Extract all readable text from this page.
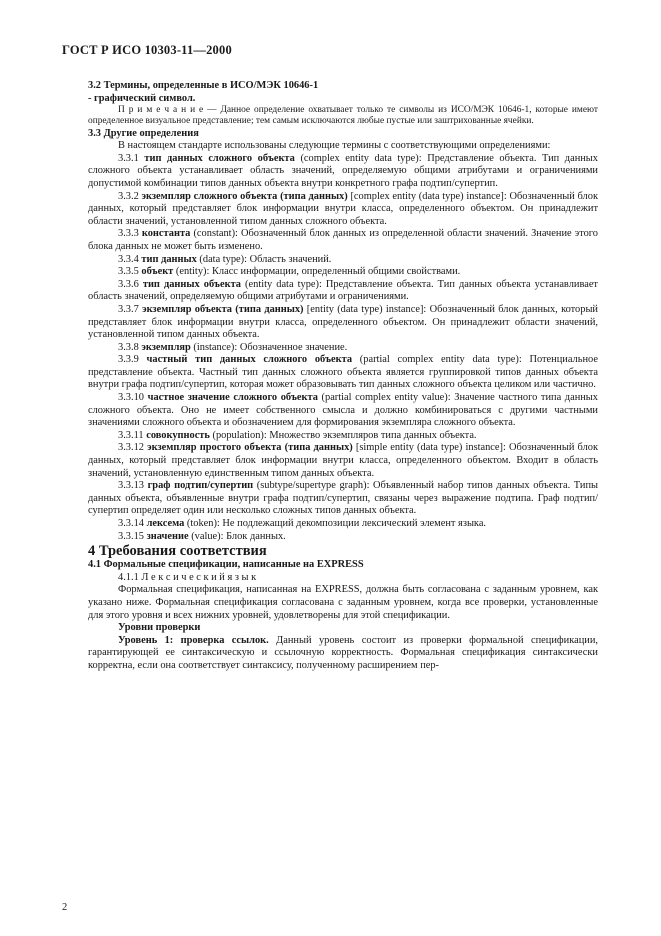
ГОСТ Р ИСО 10303-11—2000

3.2 Термины, определенные в ИСО/МЭК 10646-1

- графический символ.

П р и м е ч а н и е — Данное определение охватывает только те символы из ИСО/МЭК 10646-1, которые имеют определенное визуальное представление; тем самым исключаются любые пустые или заштрихованные ячейки.

3.3 Другие определения

В настоящем стандарте использованы следующие термины с соответствующими определениями:

3.3.1 тип данных сложного объекта (complex entity data type): Представление объекта. Тип данных сложного объекта устанавливает область значений, определяемую общими атрибутами и ограничениями допустимой комбинации типов данных объекта внутри конкретного графа подтип/супертип.

3.3.2 экземпляр сложного объекта (типа данных) [complex entity (data type) instance]: Обозначенный блок данных, который представляет блок информации внутри класса, определенного объектом. Он принадлежит области значений, установленной типом данных сложного объекта.

3.3.3 константа (constant): Обозначенный блок данных из определенной области значений. Значение этого блока данных не может быть изменено.

3.3.4 тип данных (data type): Область значений.

3.3.5 объект (entity): Класс информации, определенный общими свойствами.

3.3.6 тип данных объекта (entity data type): Представление объекта. Тип данных объекта устанавливает область значений, определяемую общими атрибутами и ограничениями.

3.3.7 экземпляр объекта (типа данных) [entity (data type) instance]: Обозначенный блок данных, который представляет блок информации внутри класса, определенного объектом. Он принадлежит области значений, установленной типом данных объекта.

3.3.8 экземпляр (instance): Обозначенное значение.

3.3.9 частный тип данных сложного объекта (partial complex entity data type): Потенциальное представление объекта. Частный тип данных сложного объекта является группировкой типов данных объекта внутри графа подтип/супертип, которая может образовывать тип данных сложного объекта целиком или частично.

3.3.10 частное значение сложного объекта (partial complex entity value): Значение частного типа данных сложного объекта. Оно не имеет собственного смысла и должно комбинироваться с другими частными значениями сложного объекта и обозначением для формирования экземпляра сложного объекта.

3.3.11 совокупность (population): Множество экземпляров типа данных объекта.

3.3.12 экземпляр простого объекта (типа данных) [simple entity (data type) instance]: Обозначенный блок данных, который представляет блок информации внутри класса, определенного объектом. Входит в область значений, установленную единственным типом данных объекта.

3.3.13 граф подтип/супертип (subtype/supertype graph): Объявленный набор типов данных объекта. Типы данных объекта, объявленные внутри графа подтип/супертип, связаны через выражение подтипа. Граф подтип/супертип определяет один или несколько сложных типов данных объекта.

3.3.14 лексема (token): Не подлежащий декомпозиции лексический элемент языка.

3.3.15 значение (value): Блок данных.

4 Требования соответствия

4.1 Формальные спецификации, написанные на EXPRESS

4.1.1 Л е к с и ч е с к и й я з ы к

Формальная спецификация, написанная на EXPRESS, должна быть согласована с заданным уровнем, как указано ниже. Формальная спецификация согласована с заданным уровнем, когда все проверки, установленные для этого уровня и всех нижних уровней, удовлетворены для этой спецификации.

Уровни проверки

Уровень 1: проверка ссылок. Данный уровень состоит из проверки формальной спецификации, гарантирующей ее синтаксическую и ссылочную корректность. Формальная спецификация синтаксически корректна, если она соответствует синтаксису, полученному расширением пер-

2
